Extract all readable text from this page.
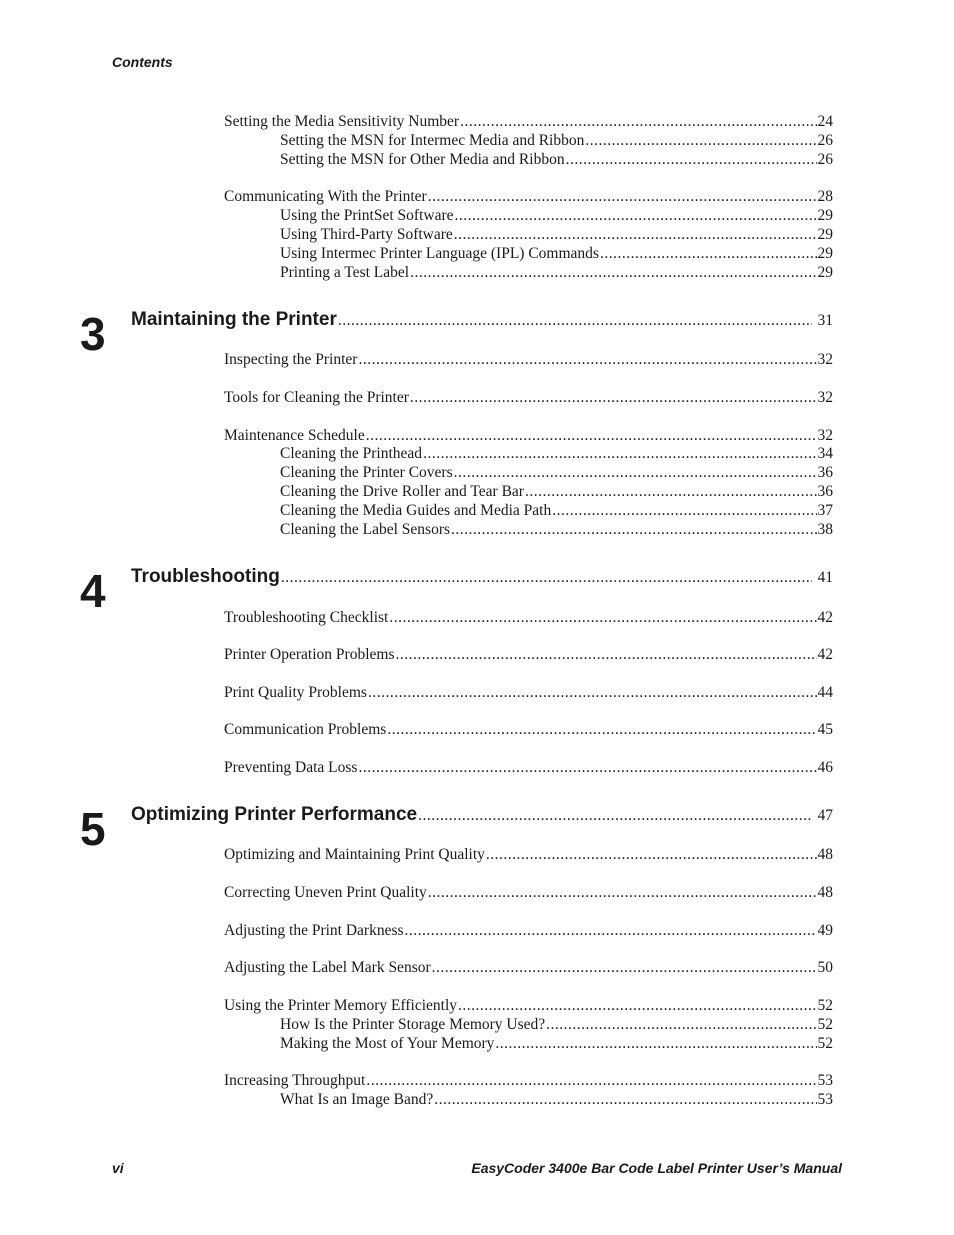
Contents
Setting the Media Sensitivity Number .....	24
Setting the MSN for Intermec Media and Ribbon .....	26
Setting the MSN for Other Media and Ribbon .....	26
Communicating With the Printer .....	28
Using the PrintSet Software .....	29
Using Third-Party Software .....	29
Using Intermec Printer Language (IPL) Commands .....	29
Printing a Test Label .....	29
3 Maintaining the Printer .....	31
Inspecting the Printer .....	32
Tools for Cleaning the Printer .....	32
Maintenance Schedule .....	32
Cleaning the Printhead .....	34
Cleaning the Printer Covers .....	36
Cleaning the Drive Roller and Tear Bar .....	36
Cleaning the Media Guides and Media Path .....	37
Cleaning the Label Sensors .....	38
4 Troubleshooting .....	41
Troubleshooting Checklist .....	42
Printer Operation Problems .....	42
Print Quality Problems .....	44
Communication Problems .....	45
Preventing Data Loss .....	46
5 Optimizing Printer Performance .....	47
Optimizing and Maintaining Print Quality .....	48
Correcting Uneven Print Quality .....	48
Adjusting the Print Darkness .....	49
Adjusting the Label Mark Sensor .....	50
Using the Printer Memory Efficiently .....	52
How Is the Printer Storage Memory Used? .....	52
Making the Most of Your Memory .....	52
Increasing Throughput .....	53
What Is an Image Band? .....	53
vi	EasyCoder 3400e Bar Code Label Printer User’s Manual
